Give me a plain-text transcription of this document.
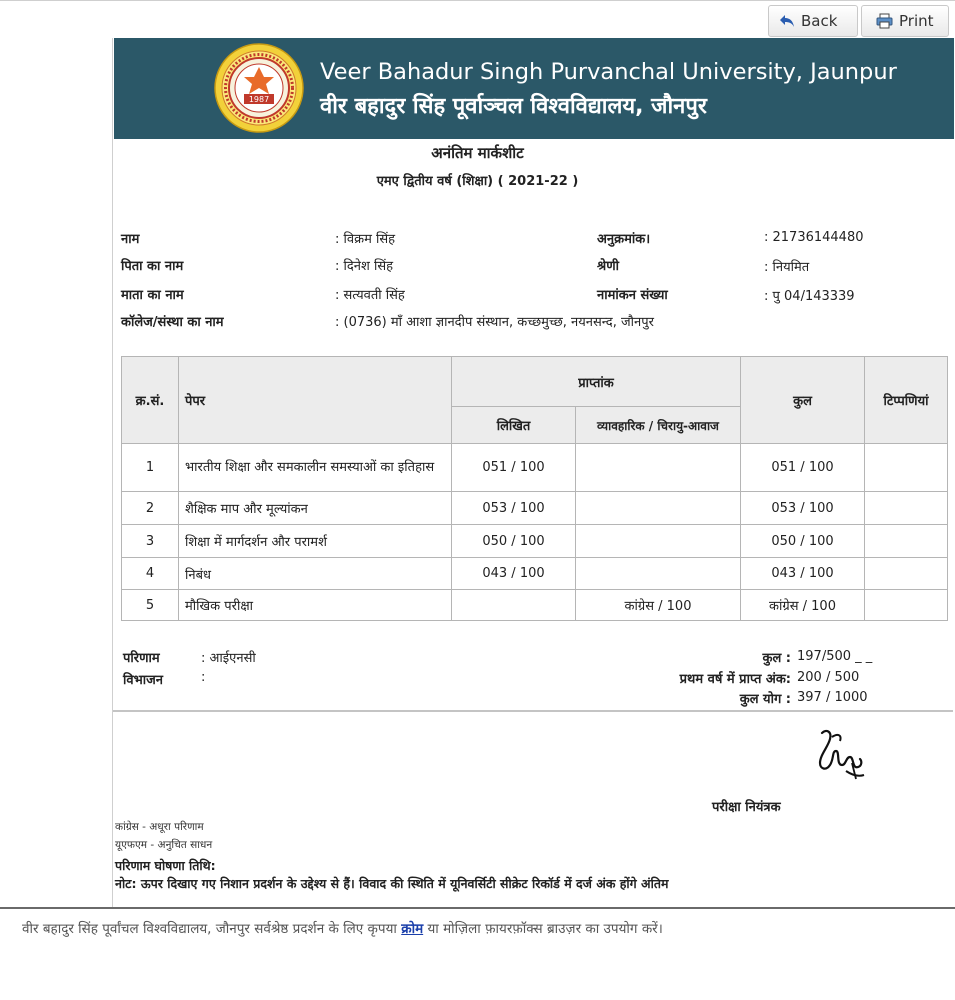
Back	Print
1987
Veer Bahadur Singh Purvanchal University, Jaunpur
वीर बहादुर सिंह पूर्वाञ्चल विश्वविद्यालय, जौनपुर
अनंतिम मार्कशीट
एमए द्वितीय वर्ष (शिक्षा) ( 2021-22 )
नाम	: विक्रम सिंह
पिता का नाम	: दिनेश सिंह
माता का नाम	: सत्यवती सिंह
कॉलेज/संस्था का नाम	: (0736) माँ आशा ज्ञानदीप संस्थान, कच्छमुच्छ, नयनसन्द, जौनपुर
अनुक्रमांक।	: 21736144480
श्रेणी	: नियमित
नामांकन संख्या	: पु 04/143339
क्र.सं.	पेपर	प्राप्तांक		कुल	टिप्पणियां
		लिखित	व्यावहारिक / चिरायु-आवाज		
1	भारतीय शिक्षा और समकालीन समस्याओं का इतिहास	051 / 100		051 / 100	
2	शैक्षिक माप और मूल्यांकन	053 / 100		053 / 100	
3	शिक्षा में मार्गदर्शन और परामर्श	050 / 100		050 / 100	
4	निबंध	043 / 100		043 / 100	
5	मौखिक परीक्षा		कांग्रेस / 100	कांग्रेस / 100	
परिणाम	: आईएनसी
विभाजन	:
कुल : 197/500 _ _
प्रथम वर्ष में प्राप्त अंक: 200 / 500
कुल योग : 397 / 1000
परीक्षा नियंत्रक
कांग्रेस - अधूरा परिणाम
यूएफएम - अनुचित साधन
परिणाम घोषणा तिथि:
नोट: ऊपर दिखाए गए निशान प्रदर्शन के उद्देश्य से हैं। विवाद की स्थिति में यूनिवर्सिटी सीक्रेट रिकॉर्ड में दर्ज अंक होंगे अंतिम
वीर बहादुर सिंह पूर्वांचल विश्वविद्यालय, जौनपुर सर्वश्रेष्ठ प्रदर्शन के लिए कृपया क्रोम या मोज़िला फ़ायरफ़ॉक्स ब्राउज़र का उपयोग करें।
